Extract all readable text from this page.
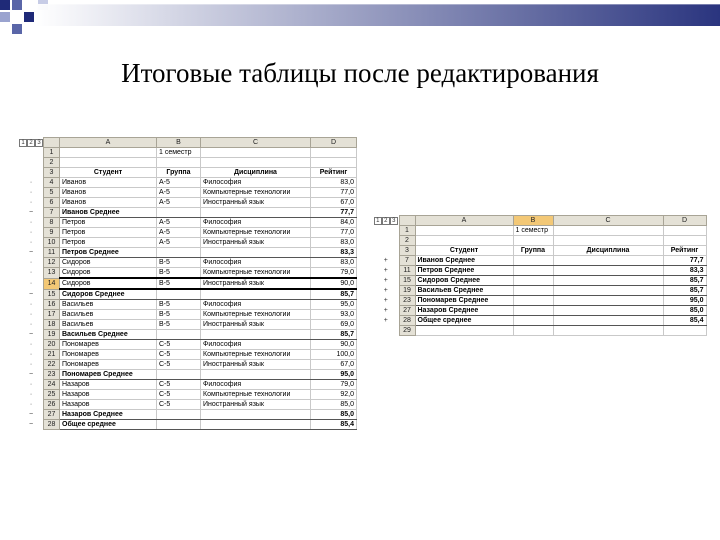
Итоговые таблицы после редактирования
1 2 3		A	B	C	D
	1		1 семестр		
	2				
	3	Студент	Группа	Дисциплина	Рейтинг
·	4	Иванов	А-5	Философия	83,0
·	5	Иванов	А-5	Компьютерные технологии	77,0
·	6	Иванов	А-5	Иностранный язык	67,0
−	7	Иванов Среднее			77,7
·	8	Петров	А-5	Философия	84,0
·	9	Петров	А-5	Компьютерные технологии	77,0
·	10	Петров	А-5	Иностранный язык	83,0
−	11	Петров Среднее			83,3
·	12	Сидоров	В-5	Философия	83,0
·	13	Сидоров	В-5	Компьютерные технологии	79,0
·	14	Сидоров	В-5	Иностранный язык	90,0
−	15	Сидоров Среднее			85,7
·	16	Васильев	В-5	Философия	95,0
·	17	Васильев	В-5	Компьютерные технологии	93,0
·	18	Васильев	В-5	Иностранный язык	69,0
−	19	Васильев Среднее			85,7
·	20	Пономарев	С-5	Философия	90,0
·	21	Пономарев	С-5	Компьютерные технологии	100,0
·	22	Пономарев	С-5	Иностранный язык	67,0
−	23	Пономарев Среднее			95,0
·	24	Назаров	С-5	Философия	79,0
·	25	Назаров	С-5	Компьютерные технологии	92,0
·	26	Назаров	С-5	Иностранный язык	85,0
−	27	Назаров Среднее			85,0
−	28	Общее среднее			85,4
1 2 3		A	B	C	D
	1		1 семестр		
	2				
	3	Студент	Группа	Дисциплина	Рейтинг
+	7	Иванов Среднее			77,7
+	11	Петров Среднее			83,3
+	15	Сидоров Среднее			85,7
+	19	Васильев Среднее			85,7
+	23	Пономарев Среднее			95,0
+	27	Назаров Среднее			85,0
+	28	Общее среднее			85,4
	29				
